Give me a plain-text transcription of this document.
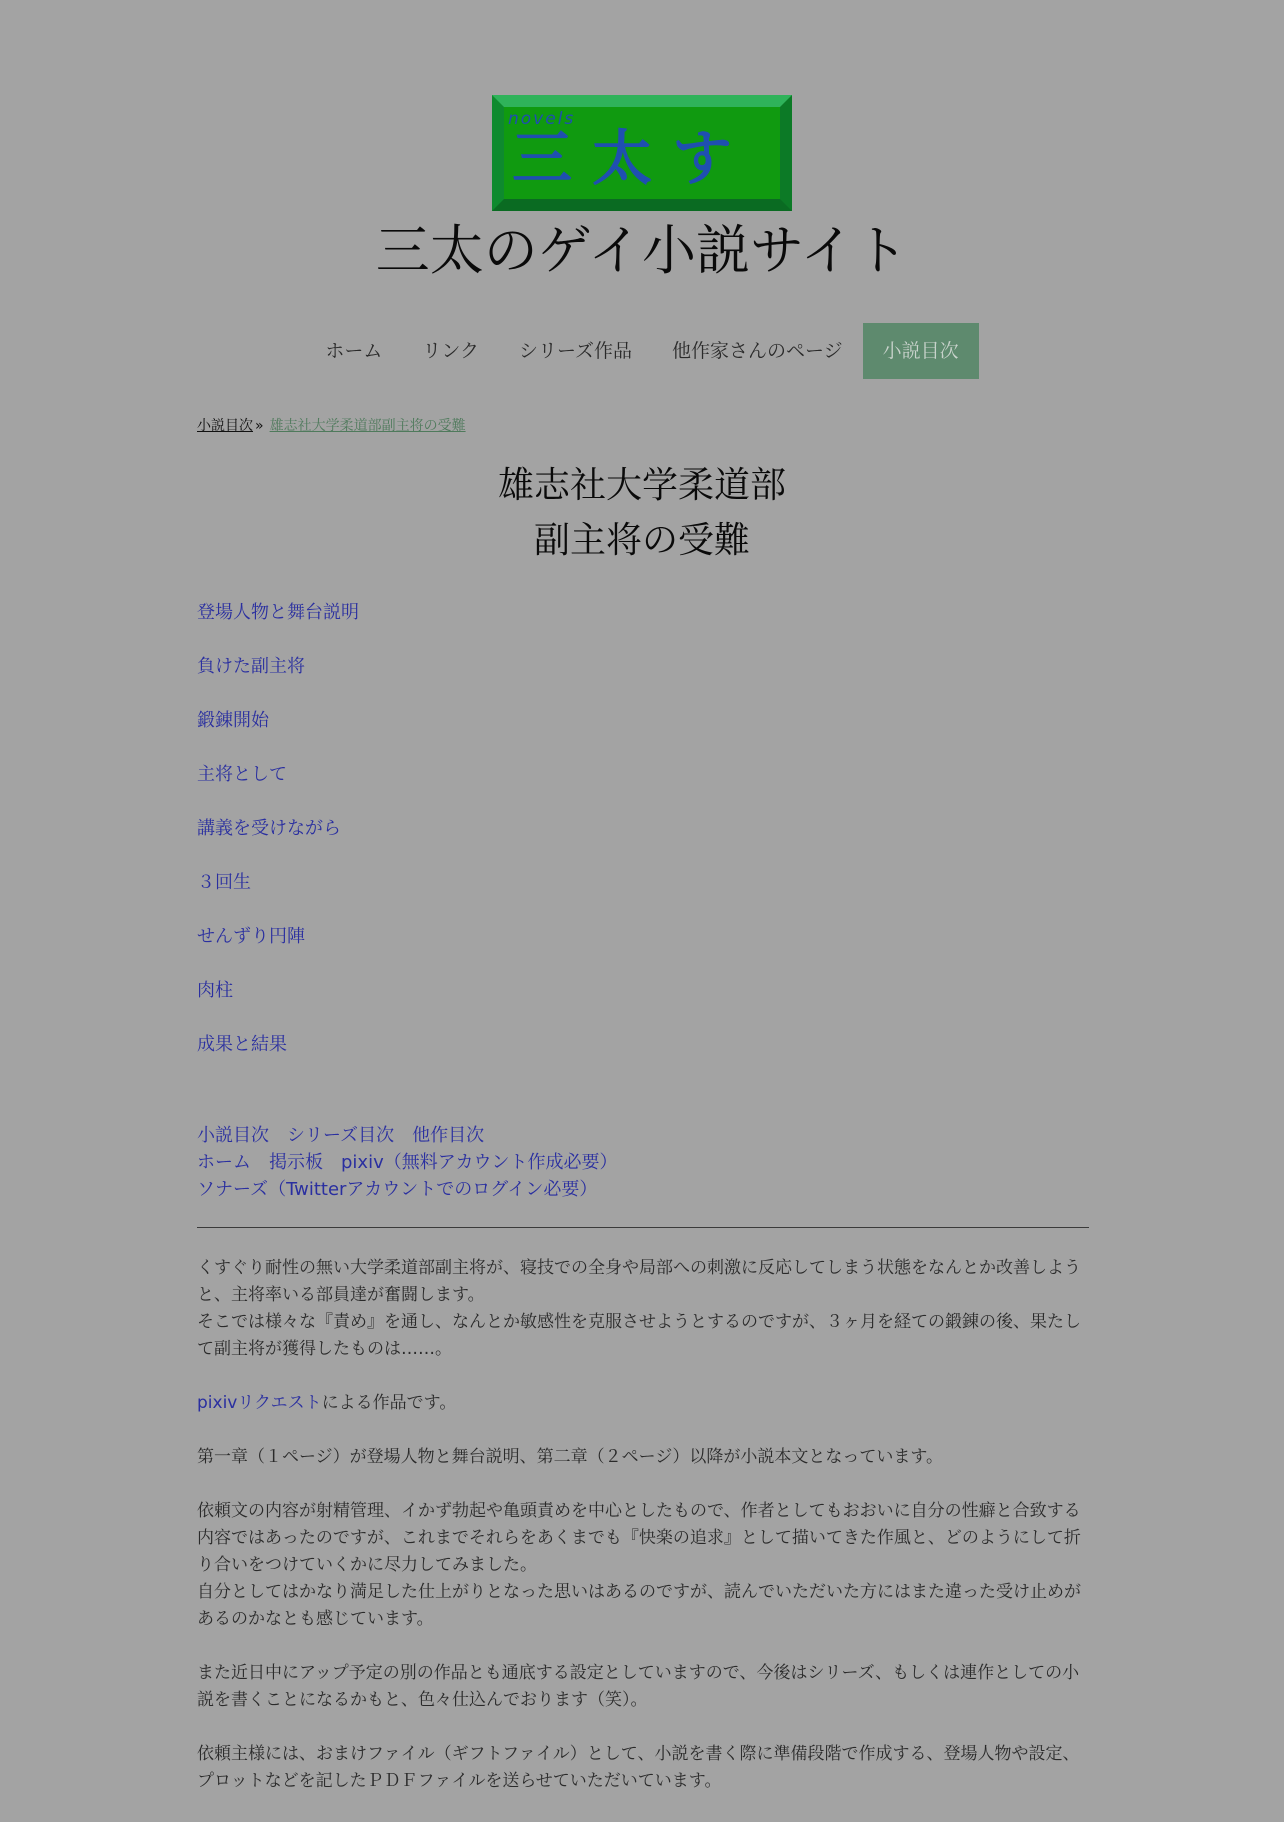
novels
三太す
三太のゲイ小説サイト
ホーム	リンク	シリーズ作品	他作家さんのページ	小説目次
小説目次 » 雄志社大学柔道部副主将の受難
雄志社大学柔道部
副主将の受難
登場人物と舞台説明
負けた副主将
鍛錬開始
主将として
講義を受けながら
３回生
せんずり円陣
肉柱
成果と結果
小説目次 シリーズ目次 他作目次
ホーム 掲示板 pixiv（無料アカウント作成必要）
ソナーズ（Twitterアカウントでのログイン必要）

くすぐり耐性の無い大学柔道部副主将が、寝技での全身や局部への刺激に反応してしまう状態をなんとか改善しようと、主将率いる部員達が奮闘します。
そこでは様々な『責め』を通し、なんとか敏感性を克服させようとするのですが、３ヶ月を経ての鍛錬の後、果たして副主将が獲得したものは……。

pixivリクエストによる作品です。

第一章（１ページ）が登場人物と舞台説明、第二章（２ページ）以降が小説本文となっています。

依頼文の内容が射精管理、イかず勃起や亀頭責めを中心としたもので、作者としてもおおいに自分の性癖と合致する内容ではあったのですが、これまでそれらをあくまでも『快楽の追求』として描いてきた作風と、どのようにして折り合いをつけていくかに尽力してみました。
自分としてはかなり満足した仕上がりとなった思いはあるのですが、読んでいただいた方にはまた違った受け止めがあるのかなとも感じています。

また近日中にアップ予定の別の作品とも通底する設定としていますので、今後はシリーズ、もしくは連作としての小説を書くことになるかもと、色々仕込んでおります（笑）。

依頼主様には、おまけファイル（ギフトファイル）として、小説を書く際に準備段階で作成する、登場人物や設定、プロットなどを記したＰＤＦファイルを送らせていただいています。
